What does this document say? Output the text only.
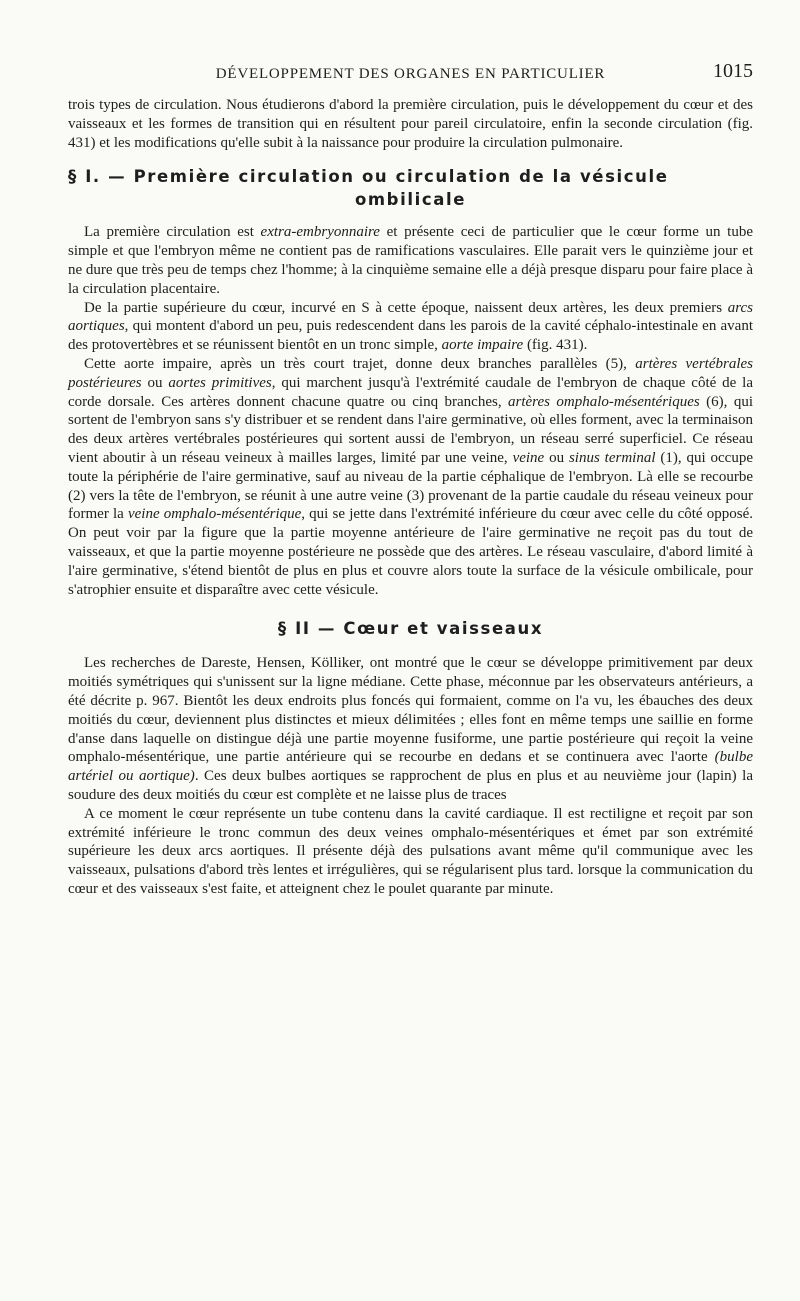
DÉVELOPPEMENT DES ORGANES EN PARTICULIER	1015

trois types de circulation. Nous étudierons d'abord la première circulation, puis le développement du cœur et des vaisseaux et les formes de transition qui en résultent pour pareil circulatoire, enfin la seconde circulation (fig. 431) et les modifications qu'elle subit à la naissance pour produire la circulation pulmonaire.

§ I. — Première circulation ou circulation de la vésicule
ombilicale

La première circulation est extra-embryonnaire et présente ceci de particulier que le cœur forme un tube simple et que l'embryon même ne contient pas de ramifications vasculaires. Elle parait vers le quinzième jour et ne dure que très peu de temps chez l'homme; à la cinquième semaine elle a déjà presque disparu pour faire place à la circulation placentaire.

De la partie supérieure du cœur, incurvé en S à cette époque, naissent deux artères, les deux premiers arcs aortiques, qui montent d'abord un peu, puis redescendent dans les parois de la cavité céphalo-intestinale en avant des protovertèbres et se réunissent bientôt en un tronc simple, aorte impaire (fig. 431).

Cette aorte impaire, après un très court trajet, donne deux branches parallèles (5), artères vertébrales postérieures ou aortes primitives, qui marchent jusqu'à l'extrémité caudale de l'embryon de chaque côté de la corde dorsale. Ces artères donnent chacune quatre ou cinq branches, artères omphalo-mésentériques (6), qui sortent de l'embryon sans s'y distribuer et se rendent dans l'aire germinative, où elles forment, avec la terminaison des deux artères vertébrales postérieures qui sortent aussi de l'embryon, un réseau serré superficiel. Ce réseau vient aboutir à un réseau veineux à mailles larges, limité par une veine, veine ou sinus terminal (1), qui occupe toute la périphérie de l'aire germinative, sauf au niveau de la partie céphalique de l'embryon. Là elle se recourbe (2) vers la tête de l'embryon, se réunit à une autre veine (3) provenant de la partie caudale du réseau veineux pour former la veine omphalo-mésentérique, qui se jette dans l'extrémité inférieure du cœur avec celle du côté opposé. On peut voir par la figure que la partie moyenne antérieure de l'aire germinative ne reçoit pas du tout de vaisseaux, et que la partie moyenne postérieure ne possède que des artères. Le réseau vasculaire, d'abord limité à l'aire germinative, s'étend bientôt de plus en plus et couvre alors toute la surface de la vésicule ombilicale, pour s'atrophier ensuite et disparaître avec cette vésicule.

§ II — Cœur et vaisseaux

Les recherches de Dareste, Hensen, Kölliker, ont montré que le cœur se développe primitivement par deux moitiés symétriques qui s'unissent sur la ligne médiane. Cette phase, méconnue par les observateurs antérieurs, a été décrite p. 967. Bientôt les deux endroits plus foncés qui formaient, comme on l'a vu, les ébauches des deux moitiés du cœur, deviennent plus distinctes et mieux délimitées ; elles font en même temps une saillie en forme d'anse dans laquelle on distingue déjà une partie moyenne fusiforme, une partie postérieure qui reçoit la veine omphalo-mésentérique, une partie antérieure qui se recourbe en dedans et se continuera avec l'aorte (bulbe artériel ou aortique). Ces deux bulbes aortiques se rapprochent de plus en plus et au neuvième jour (lapin) la soudure des deux moitiés du cœur est complète et ne laisse plus de traces

A ce moment le cœur représente un tube contenu dans la cavité cardiaque. Il est rectiligne et reçoit par son extrémité inférieure le tronc commun des deux veines omphalo-mésentériques et émet par son extrémité supérieure les deux arcs aortiques. Il présente déjà des pulsations avant même qu'il communique avec les vaisseaux, pulsations d'abord très lentes et irrégulières, qui se régularisent plus tard. lorsque la communication du cœur et des vaisseaux s'est faite, et atteignent chez le poulet quarante par minute.
